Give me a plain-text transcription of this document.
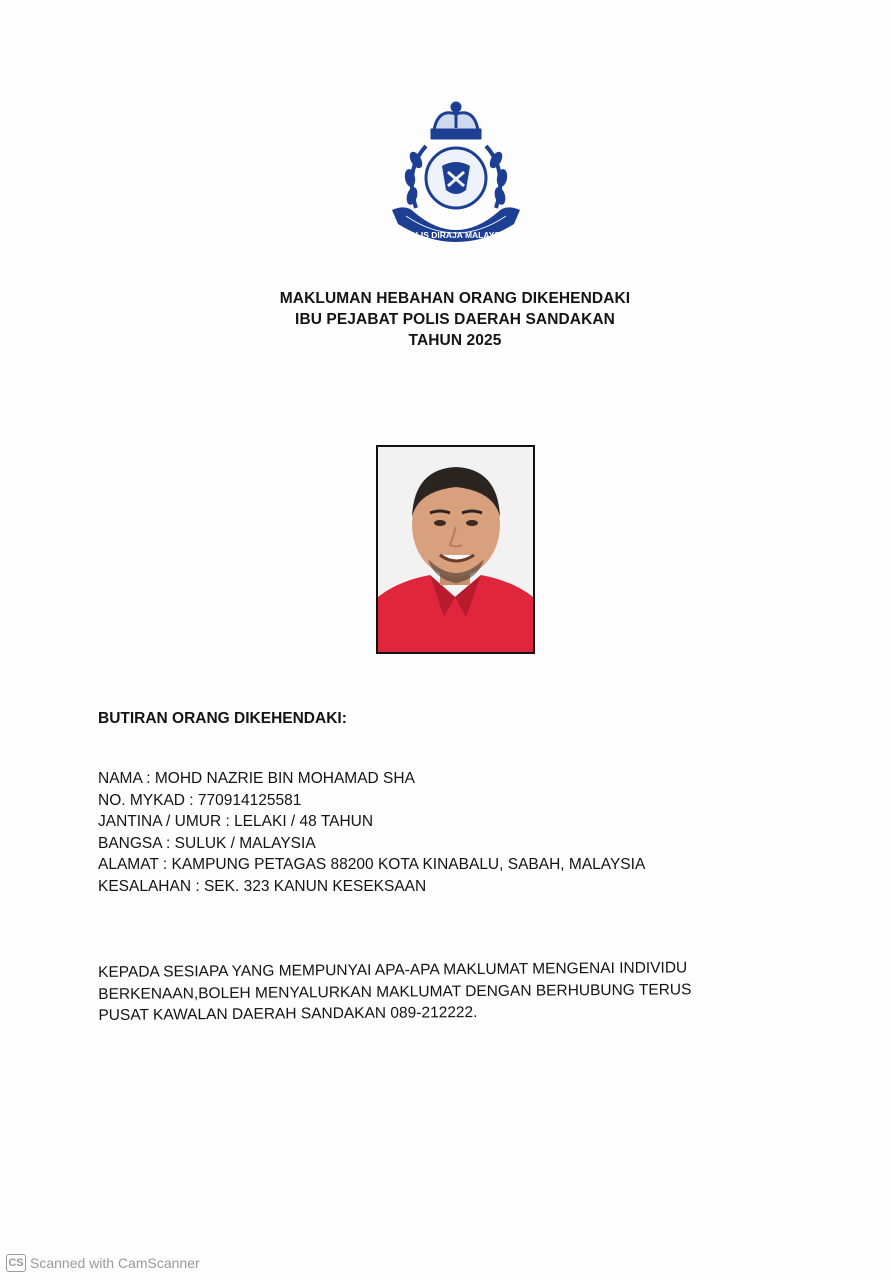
POLIS DIRAJA MALAYSIA
MAKLUMAN HEBAHAN ORANG DIKEHENDAKI
IBU PEJABAT POLIS DAERAH SANDAKAN
TAHUN 2025
BUTIRAN ORANG DIKEHENDAKI:
NAMA : MOHD NAZRIE BIN MOHAMAD SHA
NO. MYKAD : 770914125581
JANTINA / UMUR : LELAKI / 48 TAHUN
BANGSA : SULUK / MALAYSIA
ALAMAT : KAMPUNG PETAGAS 88200 KOTA KINABALU, SABAH, MALAYSIA
KESALAHAN : SEK. 323 KANUN KESEKSAAN
KEPADA SESIAPA YANG MEMPUNYAI APA-APA MAKLUMAT MENGENAI INDIVIDU
BERKENAAN,BOLEH MENYALURKAN MAKLUMAT DENGAN BERHUBUNG TERUS
PUSAT KAWALAN DAERAH SANDAKAN 089-212222.
CS Scanned with CamScanner
